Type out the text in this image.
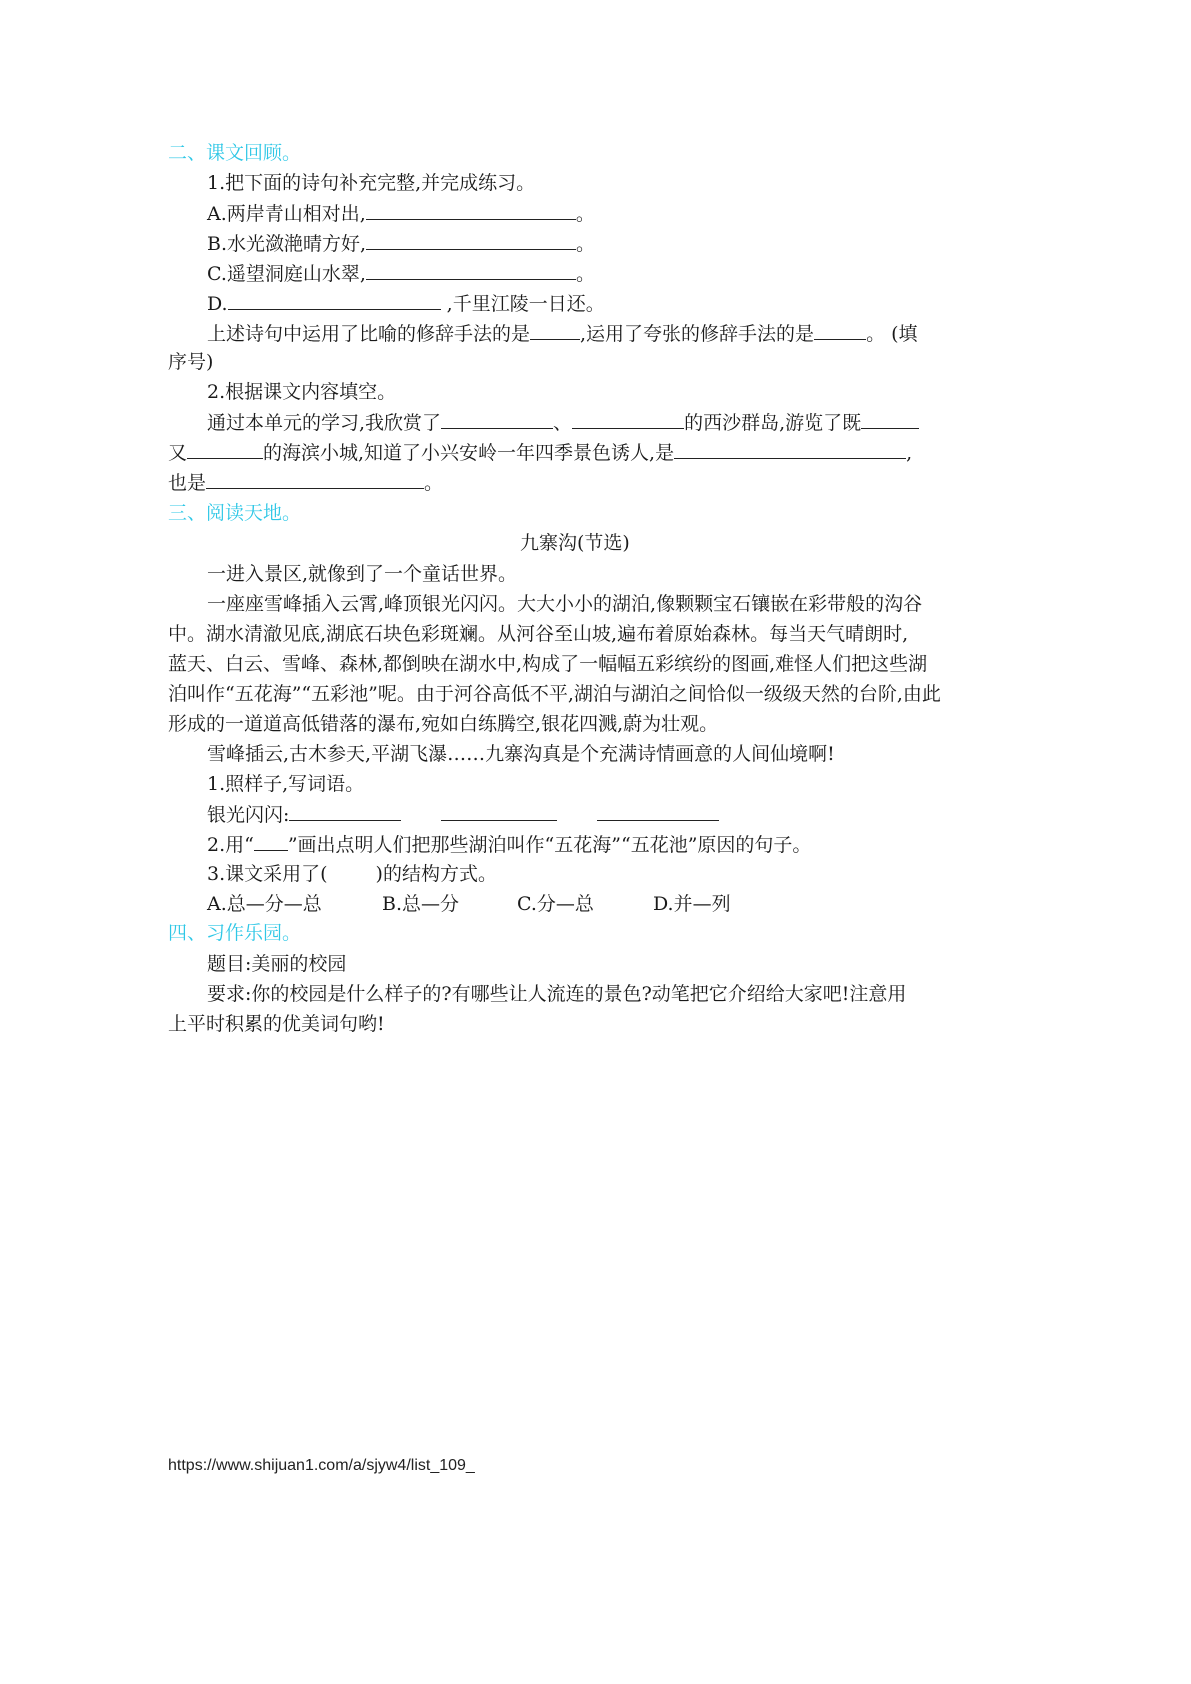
二、课文回顾。
1.把下面的诗句补充完整,并完成练习。
A.两岸青山相对出,	。
B.水光潋滟晴方好,	。
C.遥望洞庭山水翠,	。
D.	,千里江陵一日还。
上述诗句中运用了比喻的修辞手法的是	,运用了夸张的修辞手法的是	。 (填
序号)
2.根据课文内容填空。
通过本单元的学习,我欣赏了	、	的西沙群岛,游览了既
又	的海滨小城,知道了小兴安岭一年四季景色诱人,是	,
也是	。
三、阅读天地。
九寨沟(节选)
一进入景区,就像到了一个童话世界。
一座座雪峰插入云霄,峰顶银光闪闪。大大小小的湖泊,像颗颗宝石镶嵌在彩带般的沟谷
中。湖水清澈见底,湖底石块色彩斑斓。从河谷至山坡,遍布着原始森林。每当天气晴朗时,
蓝天、白云、雪峰、森林,都倒映在湖水中,构成了一幅幅五彩缤纷的图画,难怪人们把这些湖
泊叫作“五花海”“五彩池”呢。由于河谷高低不平,湖泊与湖泊之间恰似一级级天然的台阶,由此
形成的一道道高低错落的瀑布,宛如白练腾空,银花四溅,蔚为壮观。
雪峰插云,古木参天,平湖飞瀑……九寨沟真是个充满诗情画意的人间仙境啊!
1.照样子,写词语。
银光闪闪:
2.用“ ”画出点明人们把那些湖泊叫作“五花海”“五花池”原因的句子。
3.课文采用了(	)的结构方式。
A.总—分—总	B.总—分	C.分—总	D.并—列
四、习作乐园。
题目:美丽的校园
要求:你的校园是什么样子的?有哪些让人流连的景色?动笔把它介绍给大家吧!注意用
上平时积累的优美词句哟!
https://www.shijuan1.com/a/sjyw4/list_109_
